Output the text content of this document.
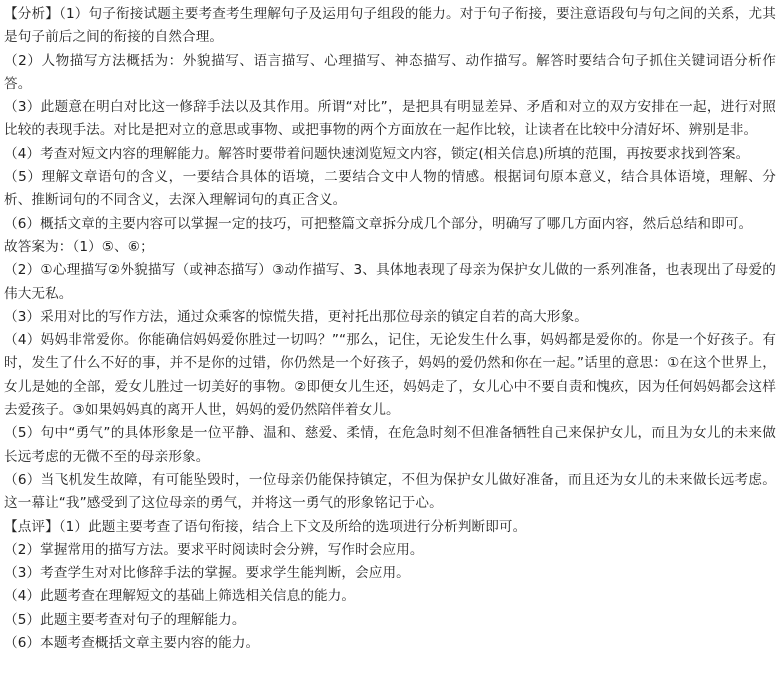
【分析】（1）句子衔接试题主要考查考生理解句子及运用句子组段的能力。对于句子衔接，要注意语段句与句之间的关系，尤其是句子前后之间的衔接的自然合理。

（2）人物描写方法概括为：外貌描写、语言描写、心理描写、神态描写、动作描写。解答时要结合句子抓住关键词语分析作答。

（3）此题意在明白对比这一修辞手法以及其作用。所谓“对比”，是把具有明显差异、矛盾和对立的双方安排在一起，进行对照比较的表现手法。对比是把对立的意思或事物、或把事物的两个方面放在一起作比较，让读者在比较中分清好坏、辨别是非。

（4）考查对短文内容的理解能力。解答时要带着问题快速浏览短文内容，锁定(相关信息)所填的范围，再按要求找到答案。

（5）理解文章语句的含义，一要结合具体的语境，二要结合文中人物的情感。根据词句原本意义，结合具体语境，理解、分析、推断词句的不同含义，去深入理解词句的真正含义。

（6）概括文章的主要内容可以掌握一定的技巧，可把整篇文章拆分成几个部分，明确写了哪几方面内容，然后总结和即可。

故答案为：（1）⑤、⑥；

（2）①心理描写②外貌描写（或神态描写）③动作描写、3、具体地表现了母亲为保护女儿做的一系列准备，也表现出了母爱的伟大无私。

（3）采用对比的写作方法，通过众乘客的惊慌失措，更衬托出那位母亲的镇定自若的高大形象。

（4）妈妈非常爱你。你能确信妈妈爱你胜过一切吗？”“那么，记住，无论发生什么事，妈妈都是爱你的。你是一个好孩子。有时，发生了什么不好的事，并不是你的过错，你仍然是一个好孩子，妈妈的爱仍然和你在一起。”话里的意思：①在这个世界上，女儿是她的全部，爱女儿胜过一切美好的事物。②即便女儿生还，妈妈走了，女儿心中不要自责和愧疚，因为任何妈妈都会这样去爱孩子。③如果妈妈真的离开人世，妈妈的爱仍然陪伴着女儿。

（5）句中“勇气”的具体形象是一位平静、温和、慈爱、柔情，在危急时刻不但准备牺牲自己来保护女儿，而且为女儿的未来做长远考虑的无微不至的母亲形象。

（6）当飞机发生故障，有可能坠毁时，一位母亲仍能保持镇定，不但为保护女儿做好准备，而且还为女儿的未来做长远考虑。这一幕让“我”感受到了这位母亲的勇气，并将这一勇气的形象铭记于心。

【点评】（1）此题主要考查了语句衔接，结合上下文及所给的选项进行分析判断即可。

（2）掌握常用的描写方法。要求平时阅读时会分辨，写作时会应用。

（3）考查学生对对比修辞手法的掌握。要求学生能判断，会应用。

（4）此题考查在理解短文的基础上筛选相关信息的能力。

（5）此题主要考查对句子的理解能力。

（6）本题考查概括文章主要内容的能力。
